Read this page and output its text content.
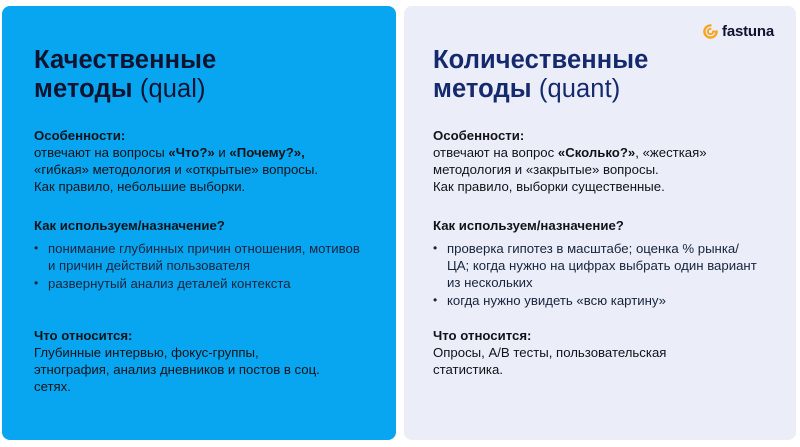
Качественные
методы (qual)

Особенности:

отвечают на вопросы «Что?» и «Почему?»,
«гибкая» методология и «открытые» вопросы.
Как правило, небольшие выборки.

Как используем/назначение?

• понимание глубинных причин отношения, мотивов и причин действий пользователя
• развернутый анализ деталей контекста

Что относится:

Глубинные интервью, фокус-группы, этнография, анализ дневников и постов в соц. сетях.

fastuna
Количественные
методы (quant)

Особенности:

отвечают на вопрос «Сколько?», «жесткая»
методология и «закрытые» вопросы.
Как правило, выборки существенные.

Как используем/назначение?

• проверка гипотез в масштабе; оценка % рынка/ ЦА; когда нужно на цифрах выбрать один вариант из нескольких
• когда нужно увидеть «всю картину»

Что относится:

Опросы, A/B тесты, пользовательская статистика.
